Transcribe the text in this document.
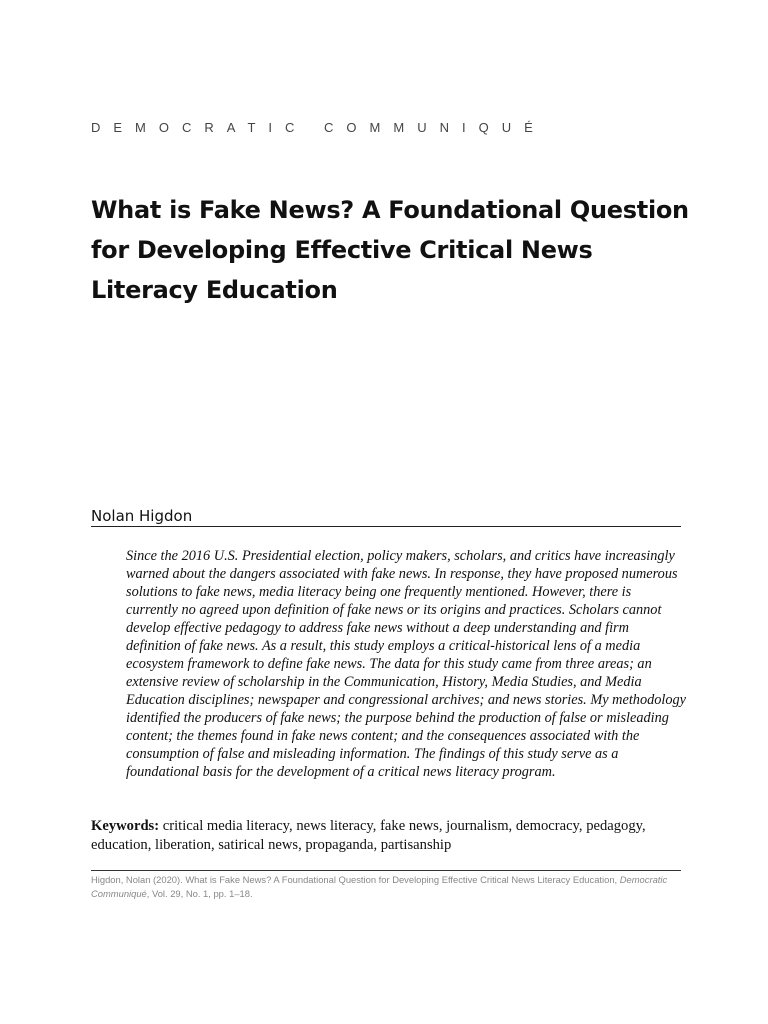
DEMOCRATIC COMMUNIQUÉ
What is Fake News? A Foundational Question for Developing Effective Critical News Literacy Education
Nolan Higdon

Since the 2016 U.S. Presidential election, policy makers, scholars, and critics have increasingly warned about the dangers associated with fake news. In response, they have proposed numerous solutions to fake news, media literacy being one frequently mentioned. However, there is currently no agreed upon definition of fake news or its origins and practices. Scholars cannot develop effective pedagogy to address fake news without a deep understanding and firm definition of fake news. As a result, this study employs a critical-historical lens of a media ecosystem framework to define fake news. The data for this study came from three areas; an extensive review of scholarship in the Communication, History, Media Studies, and Media Education disciplines; newspaper and congressional archives; and news stories. My methodology identified the producers of fake news; the purpose behind the production of false or misleading content; the themes found in fake news content; and the consequences associated with the consumption of false and misleading information. The findings of this study serve as a foundational basis for the development of a critical news literacy program.

Keywords: critical media literacy, news literacy, fake news, journalism, democracy, pedagogy, education, liberation, satirical news, propaganda, partisanship

Higdon, Nolan (2020). What is Fake News? A Foundational Question for Developing Effective Critical News Literacy Education, Democratic Communiqué, Vol. 29, No. 1, pp. 1–18.
